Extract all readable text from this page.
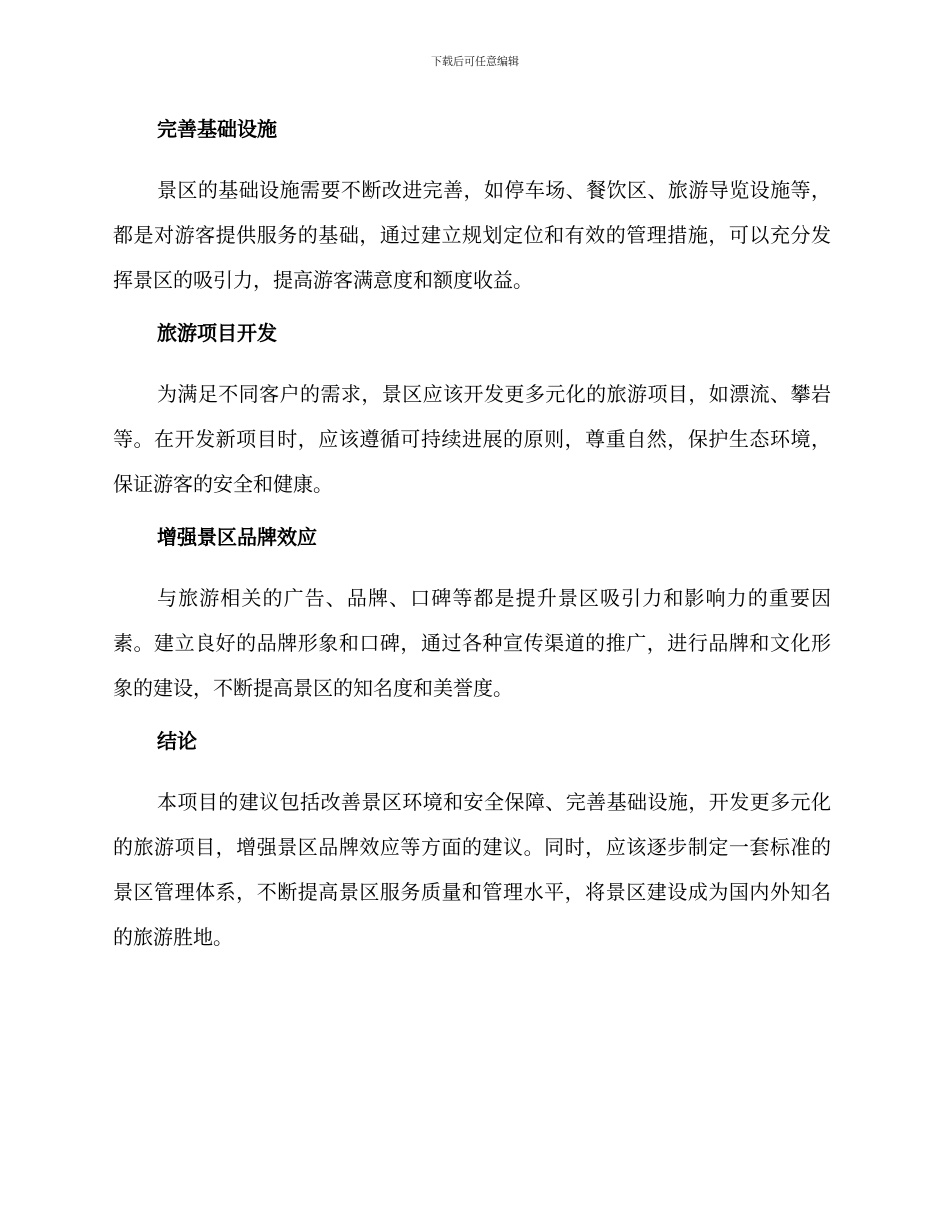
下载后可任意编辑
完善基础设施

景区的基础设施需要不断改进完善，如停车场、餐饮区、旅游导览设施等，都是对游客提供服务的基础，通过建立规划定位和有效的管理措施，可以充分发挥景区的吸引力，提高游客满意度和额度收益。

旅游项目开发

为满足不同客户的需求，景区应该开发更多元化的旅游项目，如漂流、攀岩等。在开发新项目时，应该遵循可持续进展的原则，尊重自然，保护生态环境，保证游客的安全和健康。

增强景区品牌效应

与旅游相关的广告、品牌、口碑等都是提升景区吸引力和影响力的重要因素。建立良好的品牌形象和口碑，通过各种宣传渠道的推广，进行品牌和文化形象的建设，不断提高景区的知名度和美誉度。

结论

本项目的建议包括改善景区环境和安全保障、完善基础设施，开发更多元化的旅游项目，增强景区品牌效应等方面的建议。同时，应该逐步制定一套标准的景区管理体系，不断提高景区服务质量和管理水平，将景区建设成为国内外知名的旅游胜地。
